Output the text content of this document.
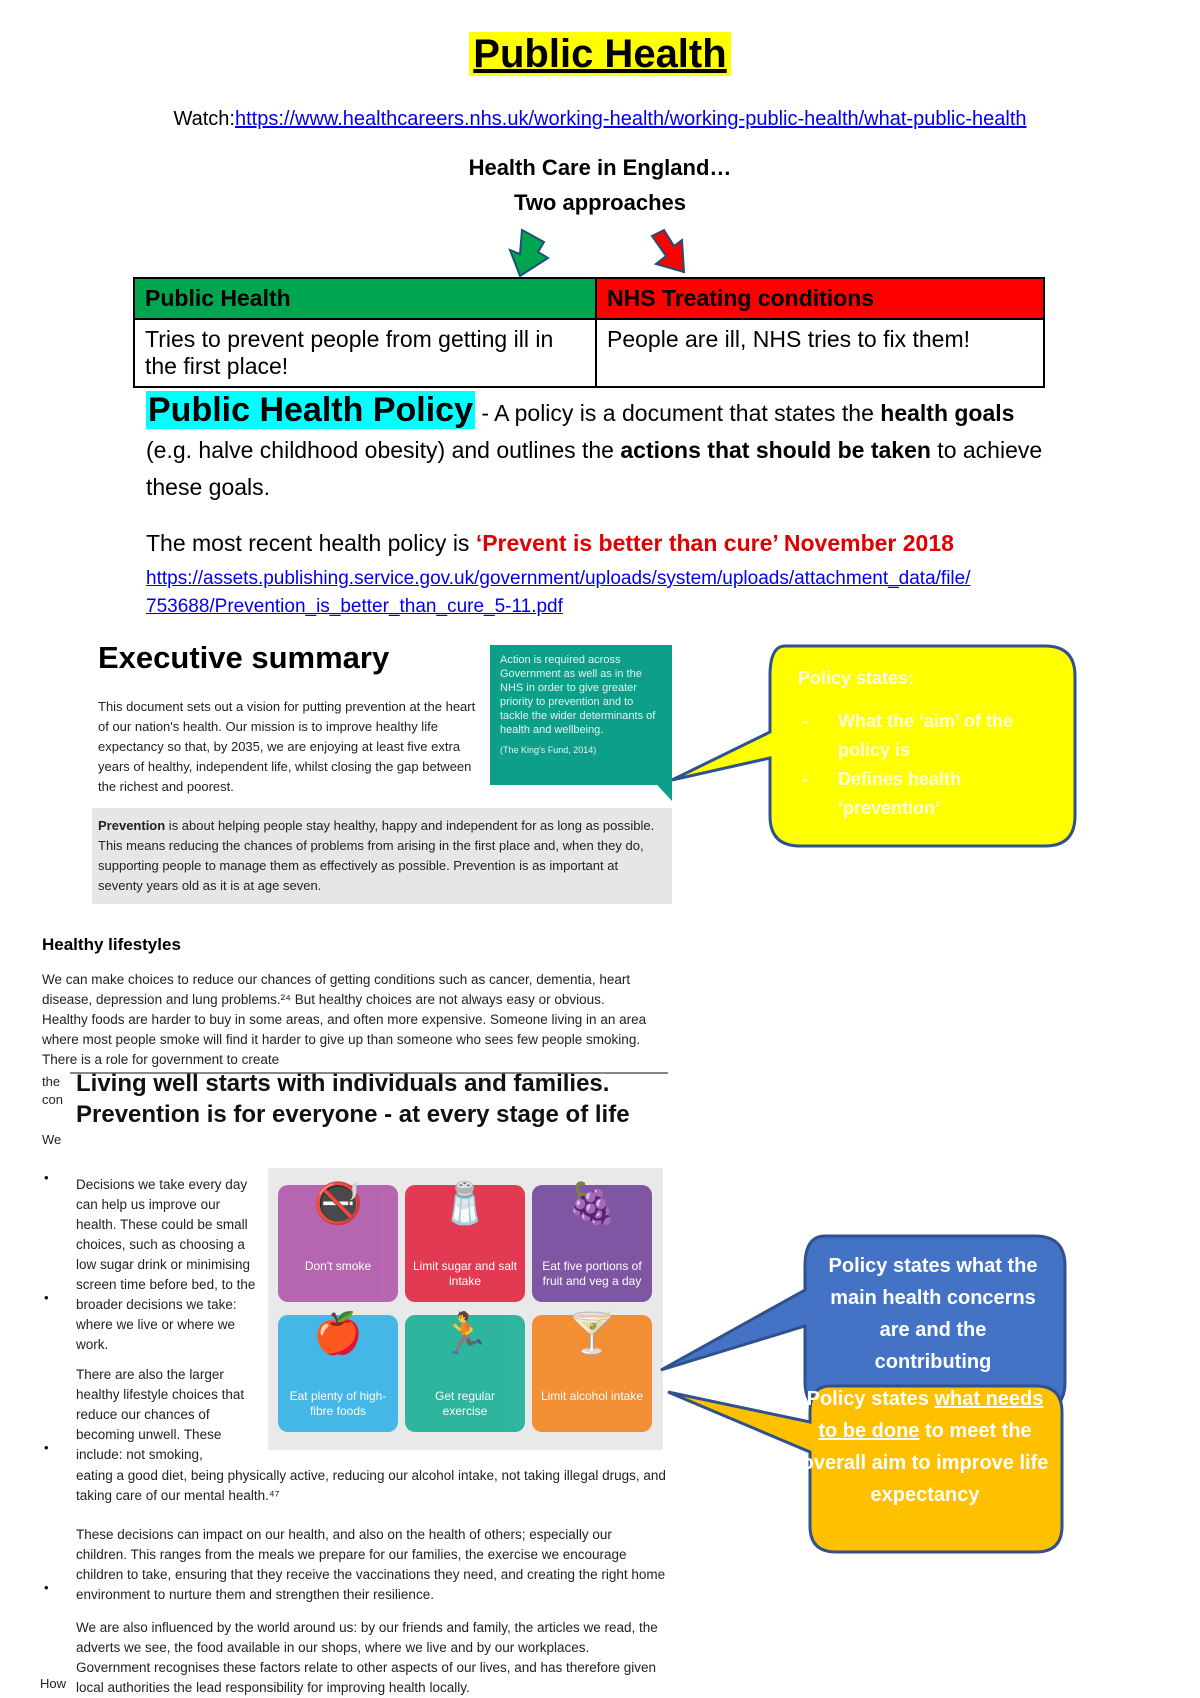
Public Health
Watch:https://www.healthcareers.nhs.uk/working-health/working-public-health/what-public-health
Health Care in England…
Two approaches
Public Health	NHS Treating conditions
Tries to prevent people from getting ill in the first place!	People are ill, NHS tries to fix them!
Public Health Policy - A policy is a document that states the health goals (e.g. halve childhood obesity) and outlines the actions that should be taken to achieve these goals.
The most recent health policy is ‘Prevent is better than cure’ November 2018
https://assets.publishing.service.gov.uk/government/uploads/system/uploads/attachment_data/file/
753688/Prevention_is_better_than_cure_5-11.pdf
Executive summary
This document sets out a vision for putting prevention at the heart of our nation's health. Our mission is to improve healthy life expectancy so that, by 2035, we are enjoying at least five extra years of healthy, independent life, whilst closing the gap between the richest and poorest.
Action is required across Government as well as in the NHS in order to give greater priority to prevention and to tackle the wider determinants of health and wellbeing.
(The King's Fund, 2014)
Prevention is about helping people stay healthy, happy and independent for as long as possible. This means reducing the chances of problems from arising in the first place and, when they do, supporting people to manage them as effectively as possible. Prevention is as important at seventy years old as it is at age seven.
Policy states:
- What the ‘aim’ of the policy is
- Defines health ‘prevention’
Healthy lifestyles
We can make choices to reduce our chances of getting conditions such as cancer, dementia, heart disease, depression and lung problems.²⁴ But healthy choices are not always easy or obvious. Healthy foods are harder to buy in some areas, and often more expensive. Someone living in an area where most people smoke will find it harder to give up than someone who sees few people smoking. There is a role for government to create
the
con
We
How
Living well starts with individuals and families. Prevention is for everyone - at every stage of life
•
•
•
•
Decisions we take every day can help us improve our health. These could be small choices, such as choosing a low sugar drink or minimising screen time before bed, to the broader decisions we take: where we live or where we work.
There are also the larger healthy lifestyle choices that reduce our chances of becoming unwell. These include: not smoking,
eating a good diet, being physically active, reducing our alcohol intake, not taking illegal drugs, and taking care of our mental health.⁴⁷
These decisions can impact on our health, and also on the health of others; especially our children. This ranges from the meals we prepare for our families, the exercise we encourage children to take, ensuring that they receive the vaccinations they need, and creating the right home environment to nurture them and strengthen their resilience.
We are also influenced by the world around us: by our friends and family, the articles we read, the adverts we see, the food available in our shops, where we live and by our workplaces. Government recognises these factors relate to other aspects of our lives, and has therefore given local authorities the lead responsibility for improving health locally.
🚭
Don't smoke
🧂
Limit sugar and salt intake
🍇
Eat five portions of fruit and veg a day
🍎
Eat plenty of high-fibre foods
🏃
Get regular exercise
🍸
Limit alcohol intake
Policy states what the main health concerns are and the contributing
Policy states what needs to be done to meet the overall aim to improve life expectancy
